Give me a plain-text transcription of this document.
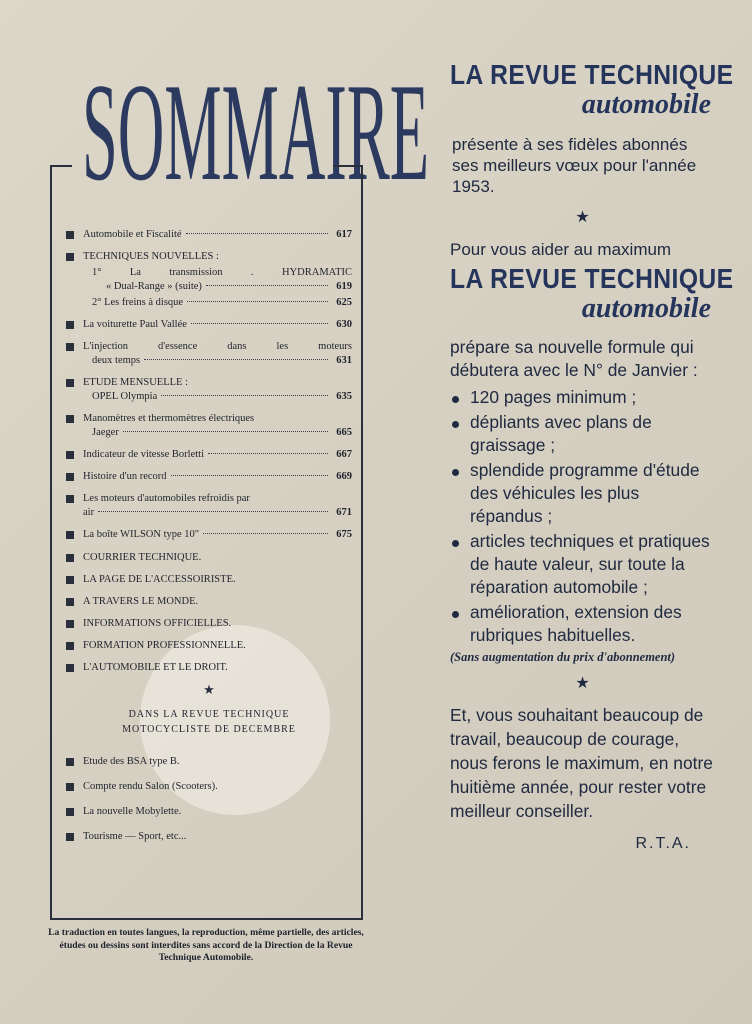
SOMMAIRE
Automobile et Fiscalité	617
TECHNIQUES NOUVELLES :
1° La transmission . HYDRAMATIC
« Dual-Range » (suite)	619
2° Les freins à disque	625
La voiturette Paul Vallée	630
L'injection d'essence dans les moteurs
deux temps	631
ETUDE MENSUELLE :
OPEL Olympia	635
Manomètres et thermomètres électriques
Jaeger	665
Indicateur de vitesse Borletti	667
Histoire d'un record	669
Les moteurs d'automobiles refroidis par
air	671
La boîte WILSON type 10"	675
COURRIER TECHNIQUE.
LA PAGE DE L'ACCESSOIRISTE.
A TRAVERS LE MONDE.
INFORMATIONS OFFICIELLES.
FORMATION PROFESSIONNELLE.
L'AUTOMOBILE ET LE DROIT.
★
DANS LA REVUE TECHNIQUE
MOTOCYCLISTE DE DECEMBRE
Etude des BSA type B.
Compte rendu Salon (Scooters).
La nouvelle Mobylette.
Tourisme — Sport, etc...
La traduction en toutes langues, la reproduction, même partielle, des articles, études ou dessins sont interdites sans accord de la Direction de la Revue Technique Automobile.
LA REVUE TECHNIQUE
automobile
présente à ses fidèles abonnés ses meilleurs vœux pour l'année 1953.
★
Pour vous aider au maximum
LA REVUE TECHNIQUE
automobile
prépare sa nouvelle formule qui débutera avec le N° de Janvier :
120 pages minimum ;
dépliants avec plans de graissage ;
splendide programme d'étude des véhicules les plus répandus ;
articles techniques et pratiques de haute valeur, sur toute la réparation automobile ;
amélioration, extension des rubriques habituelles.
(Sans augmentation du prix d'abonnement)
★
Et, vous souhaitant beaucoup de travail, beaucoup de courage, nous ferons le maximum, en notre huitième année, pour rester votre meilleur conseiller.
R.T.A.
